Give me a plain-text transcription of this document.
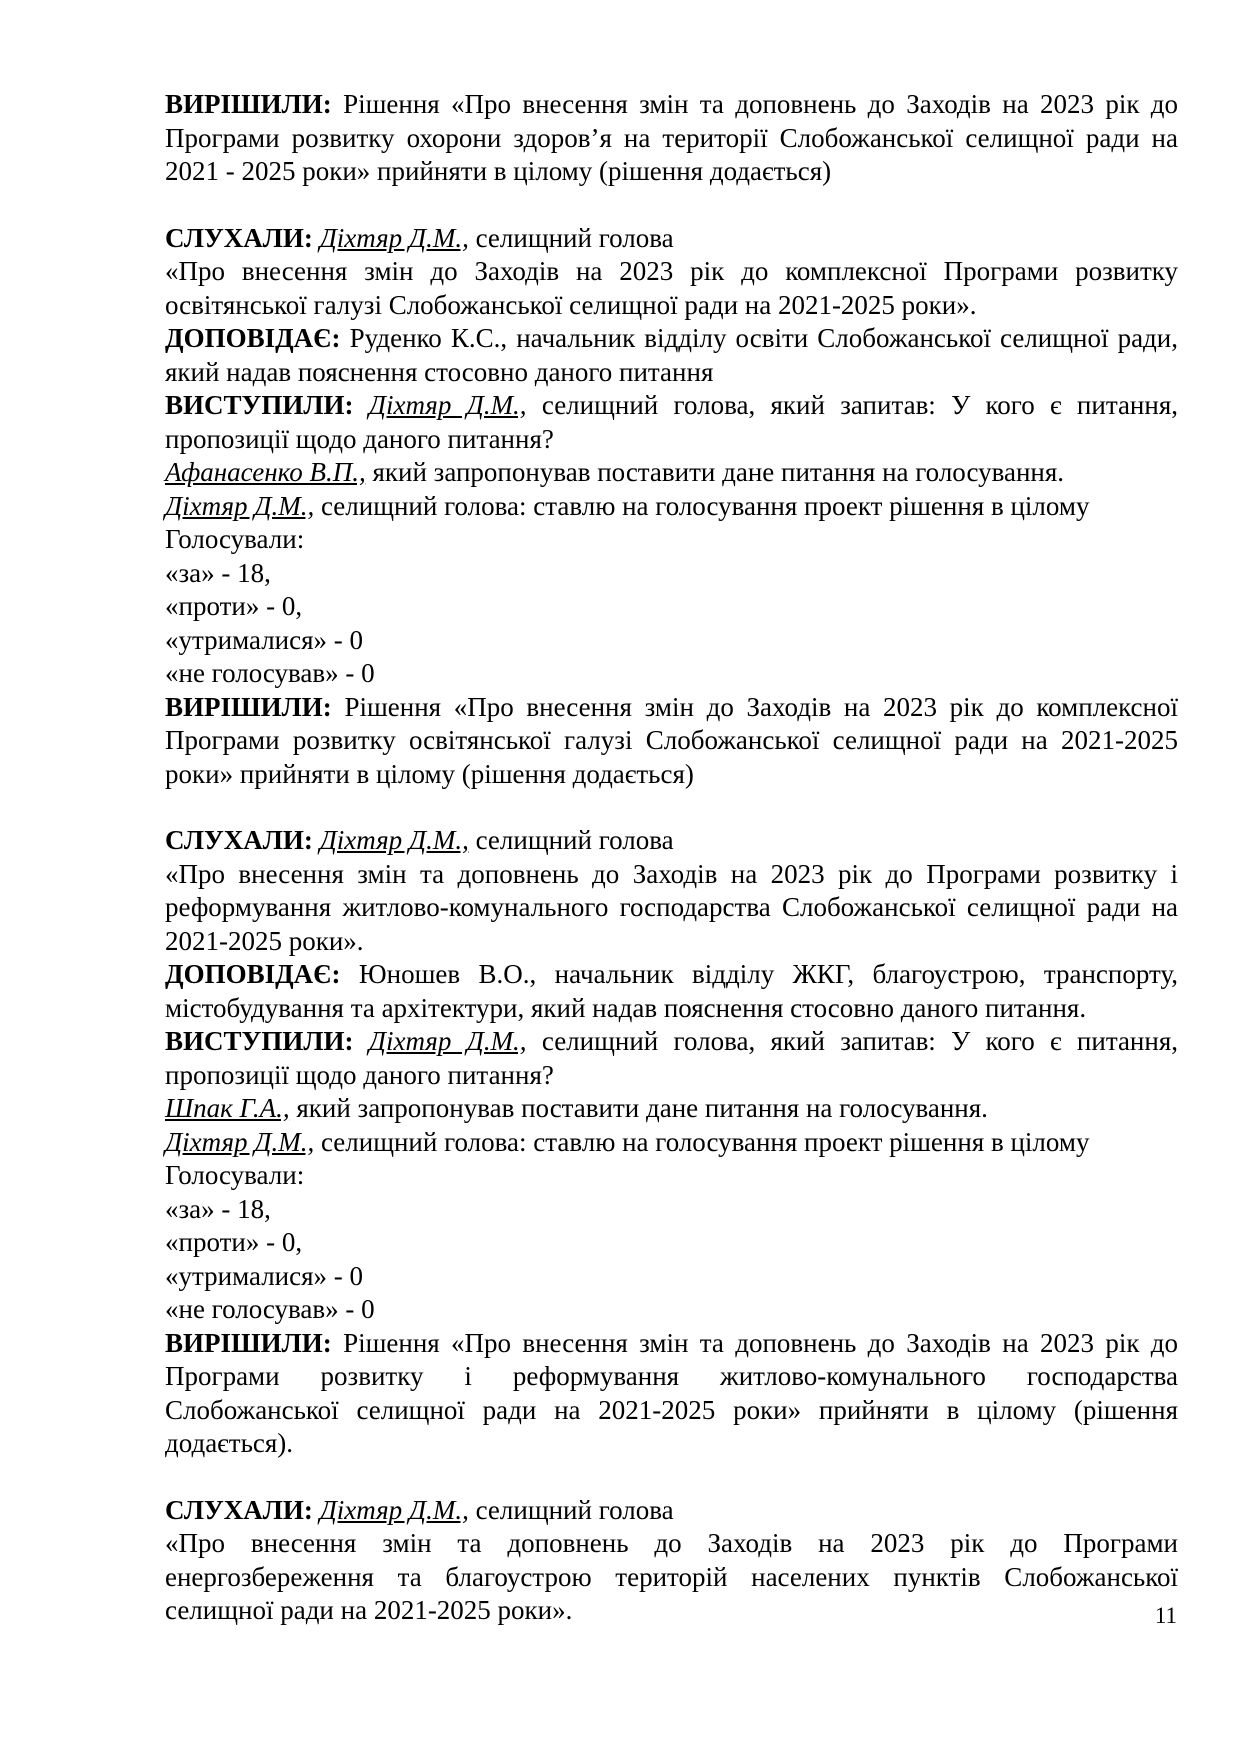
ВИРІШИЛИ: Рішення «Про внесення змін та доповнень до Заходів на 2023 рік до Програми розвитку охорони здоров’я на території Слобожанської селищної ради на 2021 - 2025 роки» прийняти в цілому (рішення додається)

СЛУХАЛИ: Діхтяр Д.М., селищний голова

«Про внесення змін до Заходів на 2023 рік до комплексної Програми розвитку освітянської галузі Слобожанської селищної ради на 2021-2025 роки».

ДОПОВІДАЄ: Руденко К.С., начальник відділу освіти Слобожанської селищної ради, який надав пояснення стосовно даного питання

ВИСТУПИЛИ: Діхтяр Д.М., селищний голова, який запитав: У кого є питання, пропозиції щодо даного питання?

Афанасенко В.П., який запропонував поставити дане питання на голосування.

Діхтяр Д.М., селищний голова: ставлю на голосування проект рішення в цілому

Голосували:

«за» - 18,

«проти» - 0,

«утрималися» - 0

«не голосував» - 0

ВИРІШИЛИ: Рішення «Про внесення змін до Заходів на 2023 рік до комплексної Програми розвитку освітянської галузі Слобожанської селищної ради на 2021-2025 роки» прийняти в цілому (рішення додається)

СЛУХАЛИ: Діхтяр Д.М., селищний голова

«Про внесення змін та доповнень до Заходів на 2023 рік до Програми розвитку і реформування житлово-комунального господарства Слобожанської селищної ради на 2021-2025 роки».

ДОПОВІДАЄ: Юношев В.О., начальник відділу ЖКГ, благоустрою, транспорту, містобудування та архітектури, який надав пояснення стосовно даного питання.

ВИСТУПИЛИ: Діхтяр Д.М., селищний голова, який запитав: У кого є питання, пропозиції щодо даного питання?

Шпак Г.А., який запропонував поставити дане питання на голосування.

Діхтяр Д.М., селищний голова: ставлю на голосування проект рішення в цілому

Голосували:

«за» - 18,

«проти» - 0,

«утрималися» - 0

«не голосував» - 0

ВИРІШИЛИ: Рішення «Про внесення змін та доповнень до Заходів на 2023 рік до Програми розвитку і реформування житлово-комунального господарства Слобожанської селищної ради на 2021-2025 роки» прийняти в цілому (рішення додається).

СЛУХАЛИ: Діхтяр Д.М., селищний голова

«Про внесення змін та доповнень до Заходів на 2023 рік до Програми енергозбереження та благоустрою територій населених пунктів Слобожанської селищної ради на 2021-2025 роки».	11
